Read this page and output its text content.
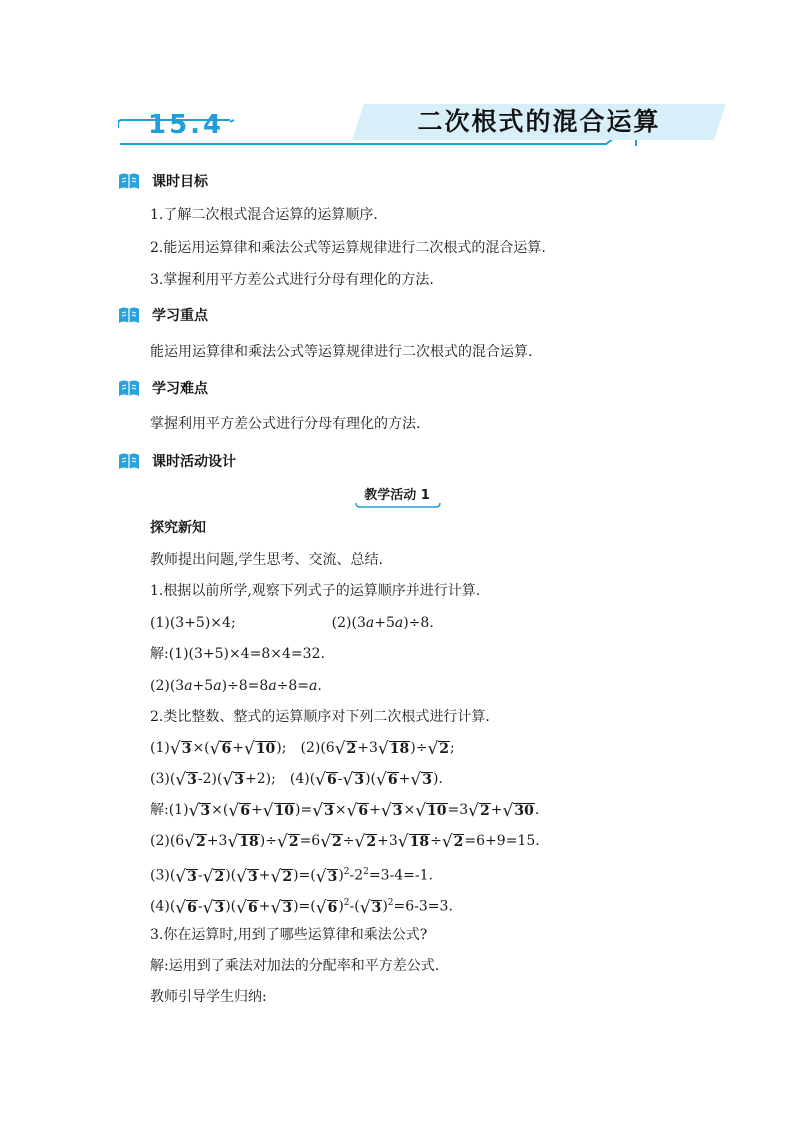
二次根式的混合运算
15.4
课时目标
1.了解二次根式混合运算的运算顺序.
2.能运用运算律和乘法公式等运算规律进行二次根式的混合运算.
3.掌握利用平方差公式进行分母有理化的方法.
学习重点
能运用运算律和乘法公式等运算规律进行二次根式的混合运算.
学习难点
掌握利用平方差公式进行分母有理化的方法.
课时活动设计
教学活动 1
探究新知
教师提出问题,学生思考、交流、总结.
1.根据以前所学,观察下列式子的运算顺序并进行计算.
(1)(3+5)×4;	(2)(3a+5a)÷8.
解:(1)(3+5)×4=8×4=32.
(2)(3a+5a)÷8=8a÷8=a.
2.类比整数、整式的运算顺序对下列二次根式进行计算.
(1) √ 3 ×( √ 6 + √ 10 ); (2)(6 √ 2 +3 √ 18 )÷ √ 2 ;
(3)( √ 3 -2)( √ 3 +2); (4)( √ 6 - √ 3 )( √ 6 + √ 3 ).
解:(1) √ 3 ×( √ 6 + √ 10 )= √ 3 × √ 6 + √ 3 × √ 10 =3 √ 2 + √ 30 .
(2)(6 √ 2 +3 √ 18 )÷ √ 2 =6 √ 2 ÷ √ 2 +3 √ 18 ÷ √ 2 =6+9=15.
(3)( √ 3 - √ 2 )( √ 3 + √ 2 )=( √ 3 )$^2-2^2=3-4=-1$.
(4)( √ 6 - √ 3 )( √ 6 + √ 3 )=( √ 6 )$^2$-( √ 3 )$^2$=6-3=3.
3.你在运算时,用到了哪些运算律和乘法公式?
解:运用到了乘法对加法的分配率和平方差公式.
教师引导学生归纳:
